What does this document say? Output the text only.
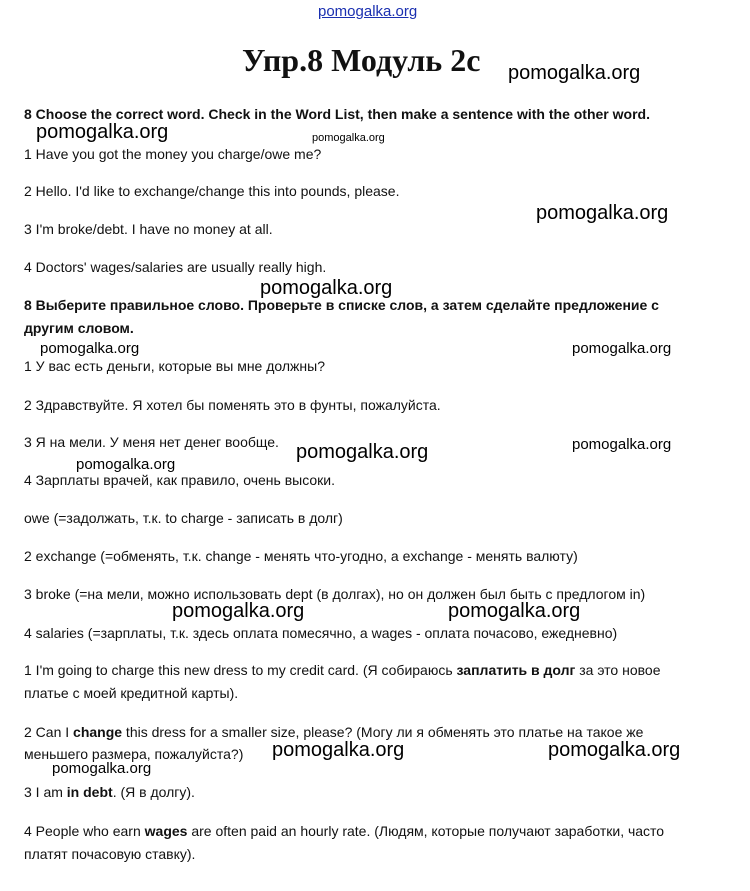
pomogalka.org
Упр.8 Модуль 2с pomogalka.org
8 Choose the correct word. Check in the Word List, then make a sentence with the other word.
pomogalka.org	pomogalka.org
1 Have you got the money you charge/owe me?
2 Hello. I'd like to exchange/change this into pounds, please.
pomogalka.org
3 I'm broke/debt. I have no money at all.
4 Doctors' wages/salaries are usually really high.
pomogalka.org
8 Выберите правильное слово. Проверьте в списке слов, а затем сделайте предложение с
другим словом.
pomogalka.org	pomogalka.org
1 У вас есть деньги, которые вы мне должны?
2 Здравствуйте. Я хотел бы поменять это в фунты, пожалуйста.
3 Я на мели. У меня нет денег вообще.	pomogalka.org
pomogalka.org
pomogalka.org
4 Зарплаты врачей, как правило, очень высоки.
owe (=задолжать, т.к. to charge - записать в долг)
2 exchange (=обменять, т.к. change - менять что-угодно, а exchange - менять валюту)
3 broke (=на мели, можно использовать dept (в долгах), но он должен был быть с предлогом in)
pomogalka.org	pomogalka.org
4 salaries (=зарплаты, т.к. здесь оплата помесячно, а wages - оплата почасово, ежедневно)
1 I'm going to charge this new dress to my credit card. (Я собираюсь заплатить в долг за это новое
платье с моей кредитной карты).
2 Can I change this dress for a smaller size, please? (Могу ли я обменять это платье на такое же
меньшего размера, пожалуйста?) pomogalka.org	pomogalka.org
pomogalka.org
3 I am in debt. (Я в долгу).
4 People who earn wages are often paid an hourly rate. (Людям, которые получают заработки, часто
платят почасовую ставку).
